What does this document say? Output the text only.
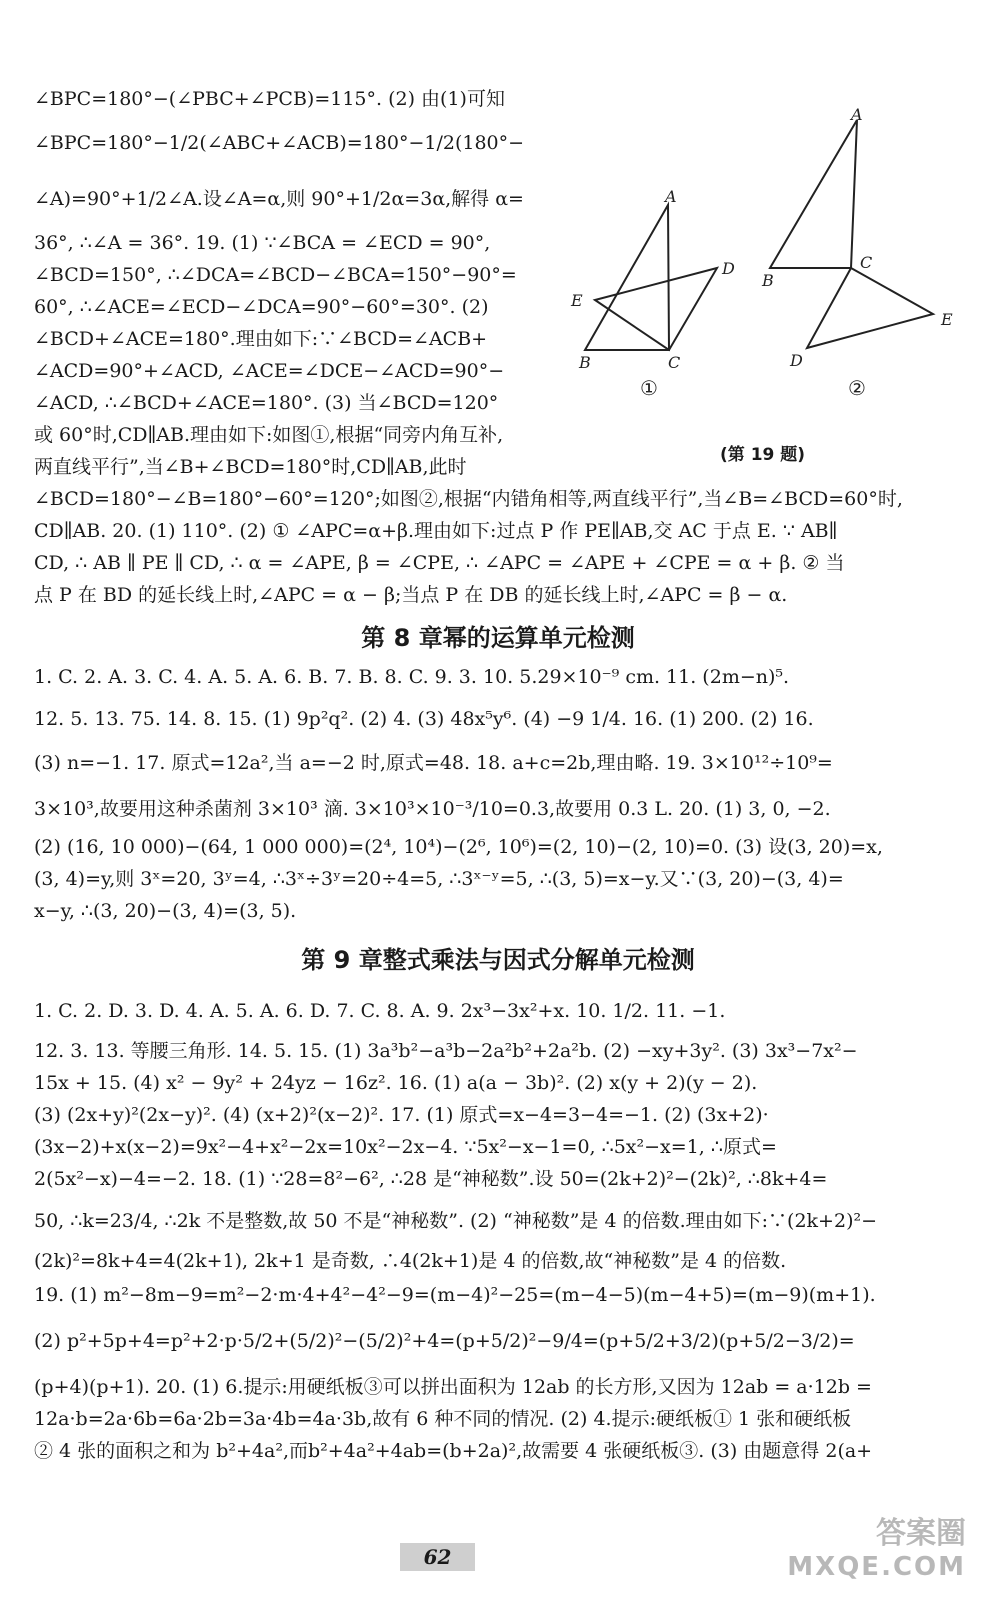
∠BPC=180°−(∠PBC+∠PCB)=115°. (2) 由(1)可知
∠BPC=180°−1/2(∠ABC+∠ACB)=180°−1/2(180°−
∠A)=90°+1/2∠A.设∠A=α,则 90°+1/2α=3α,解得 α=
36°, ∴∠A = 36°. 19. (1) ∵∠BCA = ∠ECD = 90°,
∠BCD=150°, ∴∠DCA=∠BCD−∠BCA=150°−90°=
60°, ∴∠ACE=∠ECD−∠DCA=90°−60°=30°. (2)
∠BCD+∠ACE=180°.理由如下:∵∠BCD=∠ACB+
∠ACD=90°+∠ACD, ∠ACE=∠DCE−∠ACD=90°−
∠ACD, ∴∠BCD+∠ACE=180°. (3) 当∠BCD=120°
或 60°时,CD∥AB.理由如下:如图①,根据“同旁内角互补,
两直线平行”,当∠B+∠BCD=180°时,CD∥AB,此时
∠BCD=180°−∠B=180°−60°=120°;如图②,根据“内错角相等,两直线平行”,当∠B=∠BCD=60°时,
CD∥AB. 20. (1) 110°. (2) ① ∠APC=α+β.理由如下:过点 P 作 PE∥AB,交 AC 于点 E. ∵ AB∥
CD, ∴ AB ∥ PE ∥ CD, ∴ α = ∠APE, β = ∠CPE, ∴ ∠APC = ∠APE + ∠CPE = α + β. ② 当
点 P 在 BD 的延长线上时,∠APC = α − β;当点 P 在 DB 的延长线上时,∠APC = β − α.
A
D
E
B	C
A
B
C
E
D
①	②
(第 19 题)
第 8 章幂的运算单元检测
1. C. 2. A. 3. C. 4. A. 5. A. 6. B. 7. B. 8. C. 9. 3. 10. 5.29×10⁻⁹ cm. 11. (2m−n)⁵.
12. 5. 13. 75. 14. 8. 15. (1) 9p²q². (2) 4. (3) 48x⁵y⁶. (4) −9 1/4. 16. (1) 200. (2) 16.
(3) n=−1. 17. 原式=12a²,当 a=−2 时,原式=48. 18. a+c=2b,理由略. 19. 3×10¹²÷10⁹=
3×10³,故要用这种杀菌剂 3×10³ 滴. 3×10³×10⁻³/10=0.3,故要用 0.3 L. 20. (1) 3, 0, −2.
(2) (16, 10 000)−(64, 1 000 000)=(2⁴, 10⁴)−(2⁶, 10⁶)=(2, 10)−(2, 10)=0. (3) 设(3, 20)=x,
(3, 4)=y,则 3ˣ=20, 3ʸ=4, ∴3ˣ÷3ʸ=20÷4=5, ∴3ˣ⁻ʸ=5, ∴(3, 5)=x−y.又∵(3, 20)−(3, 4)=
x−y, ∴(3, 20)−(3, 4)=(3, 5).
第 9 章整式乘法与因式分解单元检测
1. C. 2. D. 3. D. 4. A. 5. A. 6. D. 7. C. 8. A. 9. 2x³−3x²+x. 10. 1/2. 11. −1.
12. 3. 13. 等腰三角形. 14. 5. 15. (1) 3a³b²−a³b−2a²b²+2a²b. (2) −xy+3y². (3) 3x³−7x²−
15x + 15. (4) x² − 9y² + 24yz − 16z². 16. (1) a(a − 3b)². (2) x(y + 2)(y − 2).
(3) (2x+y)²(2x−y)². (4) (x+2)²(x−2)². 17. (1) 原式=x−4=3−4=−1. (2) (3x+2)·
(3x−2)+x(x−2)=9x²−4+x²−2x=10x²−2x−4. ∵5x²−x−1=0, ∴5x²−x=1, ∴原式=
2(5x²−x)−4=−2. 18. (1) ∵28=8²−6², ∴28 是“神秘数”.设 50=(2k+2)²−(2k)², ∴8k+4=
50, ∴k=23/4, ∴2k 不是整数,故 50 不是“神秘数”. (2) “神秘数”是 4 的倍数.理由如下:∵(2k+2)²−
(2k)²=8k+4=4(2k+1), 2k+1 是奇数, ∴4(2k+1)是 4 的倍数,故“神秘数”是 4 的倍数.
19. (1) m²−8m−9=m²−2·m·4+4²−4²−9=(m−4)²−25=(m−4−5)(m−4+5)=(m−9)(m+1).
(2) p²+5p+4=p²+2·p·5/2+(5/2)²−(5/2)²+4=(p+5/2)²−9/4=(p+5/2+3/2)(p+5/2−3/2)=
(p+4)(p+1). 20. (1) 6.提示:用硬纸板③可以拼出面积为 12ab 的长方形,又因为 12ab = a·12b =
12a·b=2a·6b=6a·2b=3a·4b=4a·3b,故有 6 种不同的情况. (2) 4.提示:硬纸板① 1 张和硬纸板
② 4 张的面积之和为 b²+4a²,而b²+4a²+4ab=(b+2a)²,故需要 4 张硬纸板③. (3) 由题意得 2(a+
62
答案圈
MXQE.COM
